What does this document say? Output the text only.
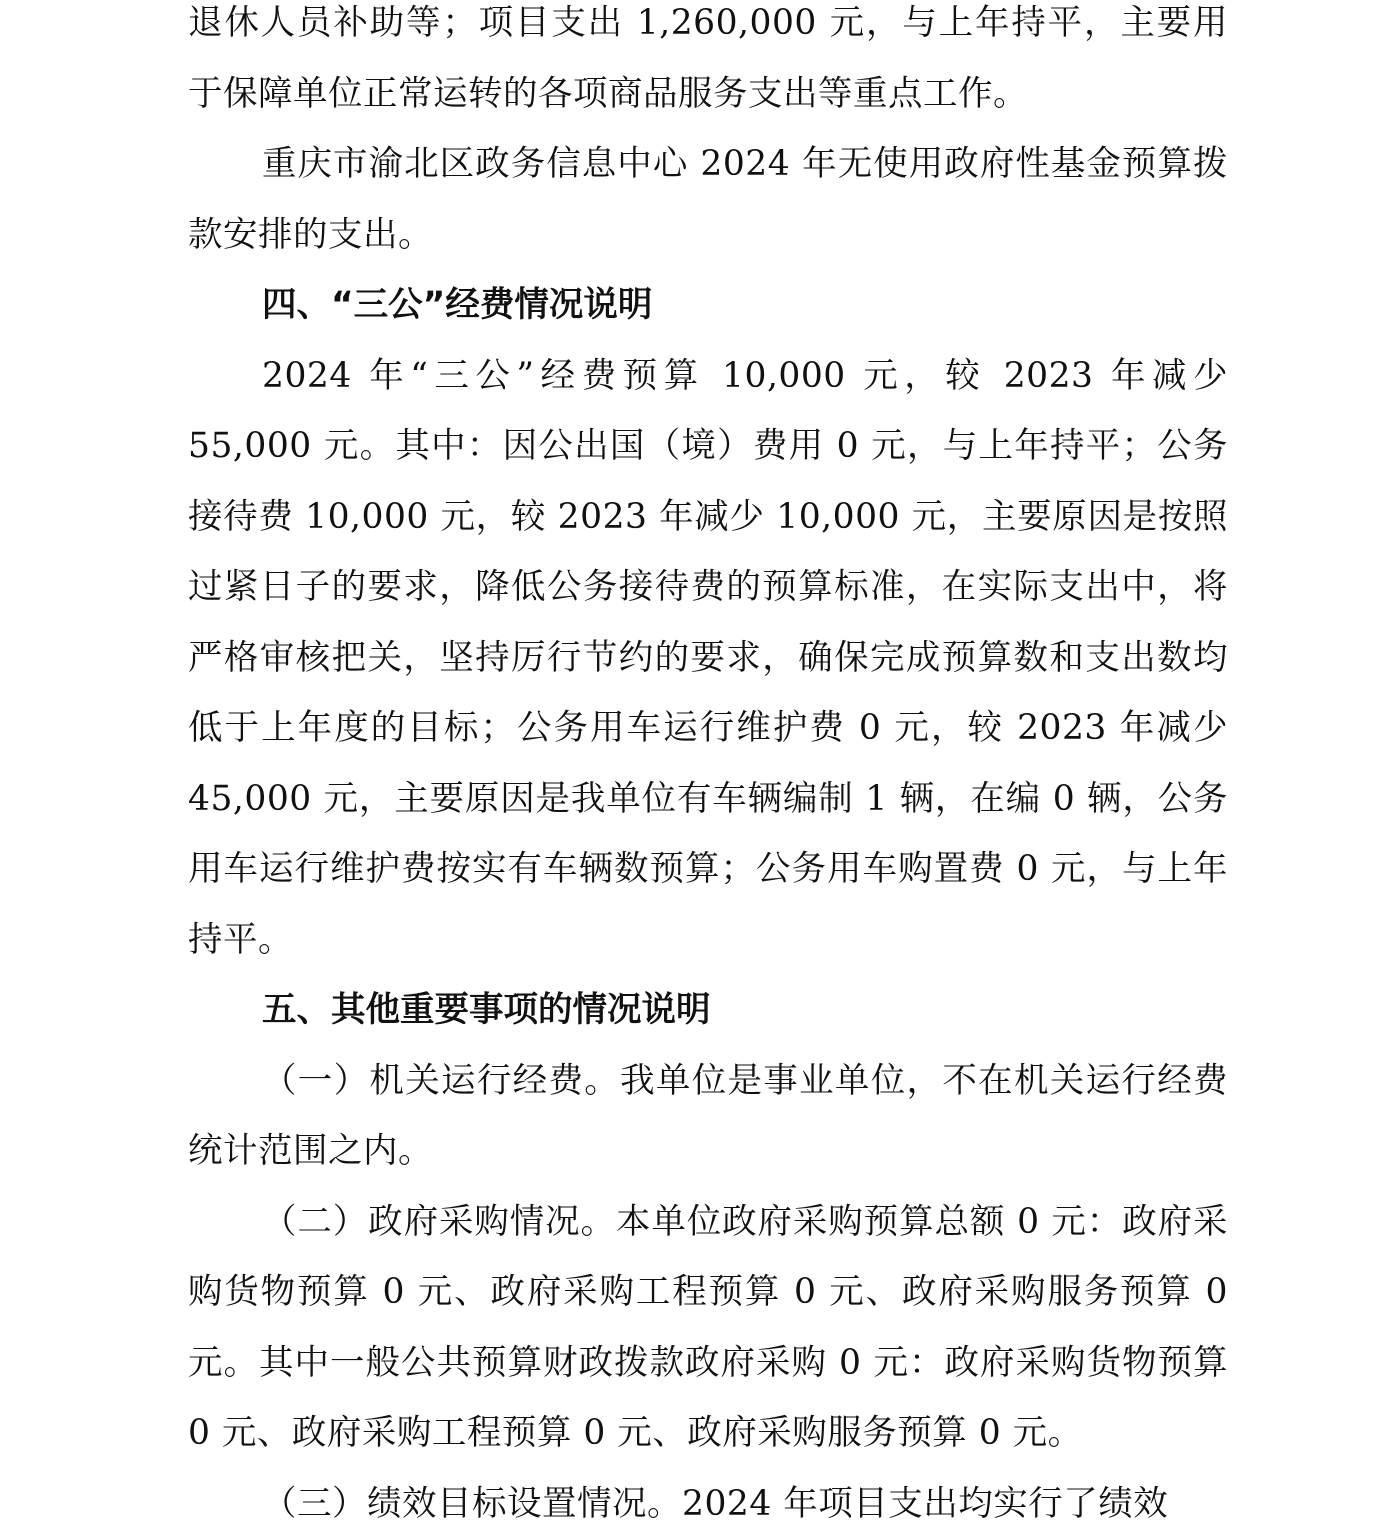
退休人员补助等；项目支出 1,260,000 元，与上年持平，主要用于保障单位正常运转的各项商品服务支出等重点工作。

重庆市渝北区政务信息中心 2024 年无使用政府性基金预算拨款安排的支出。

四、“三公”经费情况说明

2024 年“三公”经费预算 10,000 元，较 2023 年减少 55,000 元。其中：因公出国（境）费用 0 元，与上年持平；公务接待费 10,000 元，较 2023 年减少 10,000 元，主要原因是按照过紧日子的要求，降低公务接待费的预算标准，在实际支出中，将严格审核把关，坚持厉行节约的要求，确保完成预算数和支出数均低于上年度的目标；公务用车运行维护费 0 元，较 2023 年减少 45,000 元，主要原因是我单位有车辆编制 1 辆，在编 0 辆，公务用车运行维护费按实有车辆数预算；公务用车购置费 0 元，与上年持平。

五、其他重要事项的情况说明

（一）机关运行经费。我单位是事业单位，不在机关运行经费统计范围之内。

（二）政府采购情况。本单位政府采购预算总额 0 元：政府采购货物预算 0 元、政府采购工程预算 0 元、政府采购服务预算 0 元。其中一般公共预算财政拨款政府采购 0 元：政府采购货物预算 0 元、政府采购工程预算 0 元、政府采购服务预算 0 元。

（三）绩效目标设置情况。2024 年项目支出均实行了绩效
